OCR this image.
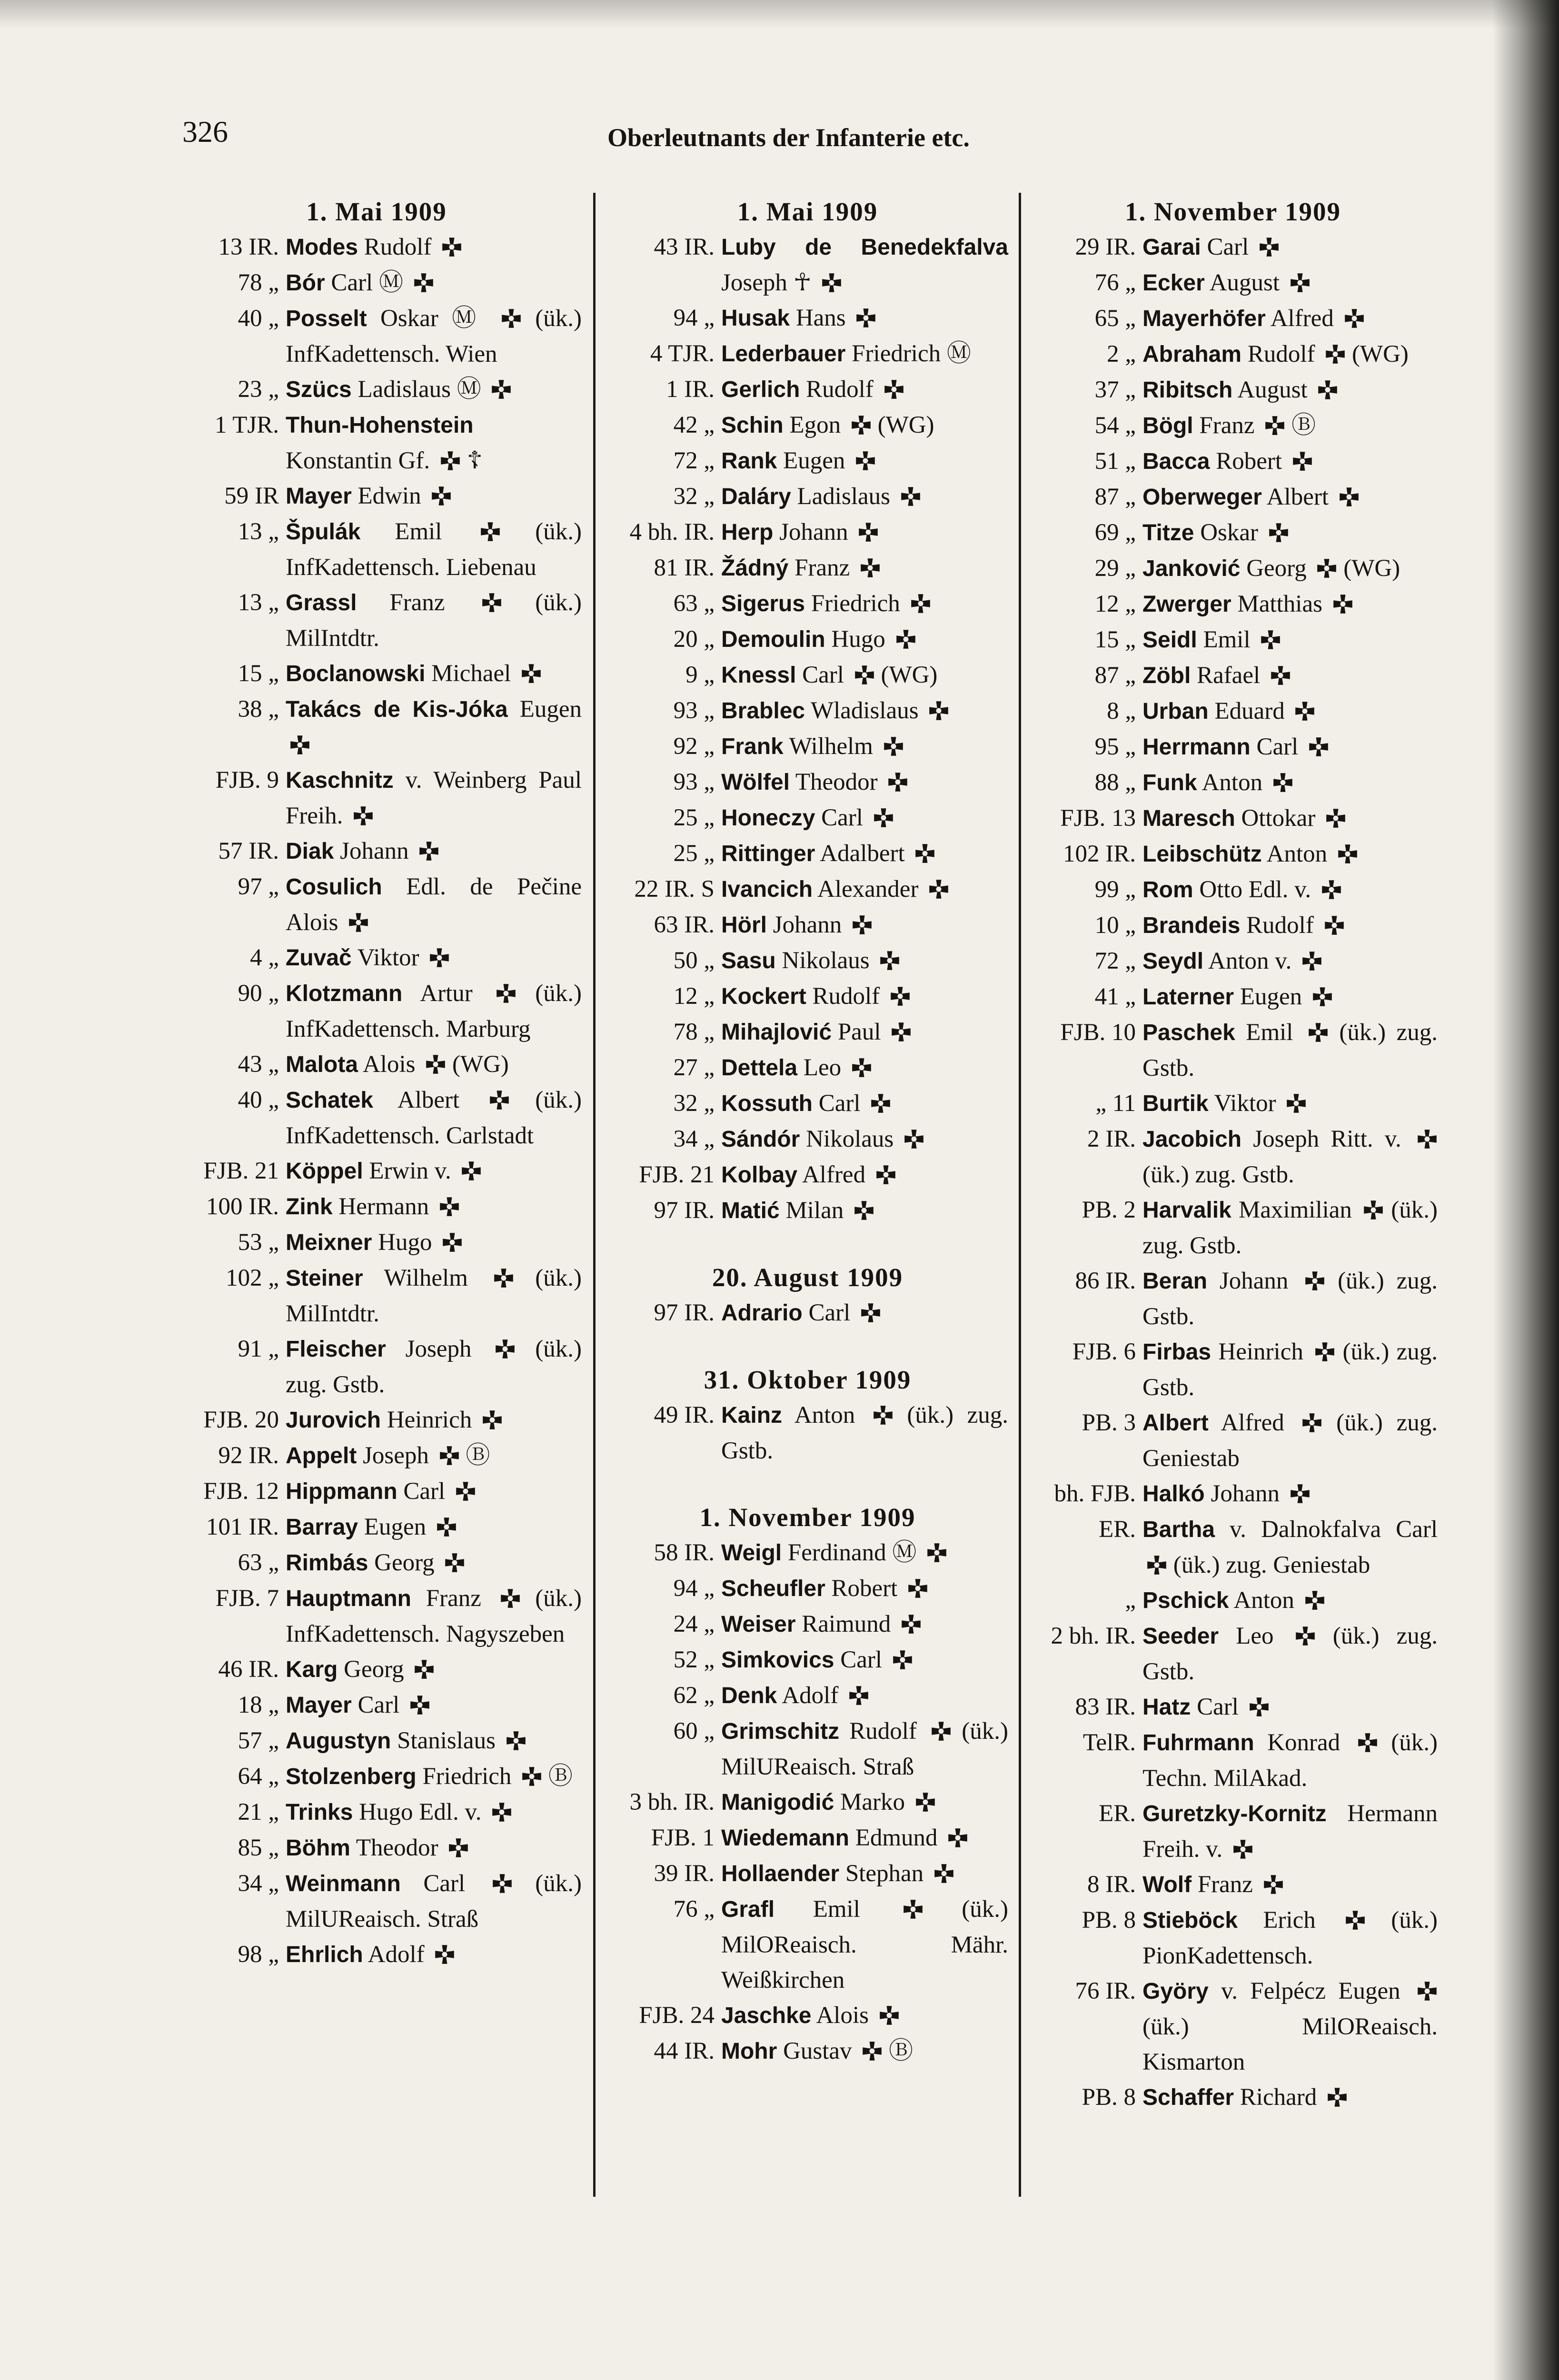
326	Oberleutnants der Infanterie etc.
1. Mai 1909
13 IR. Modes Rudolf
78 „ Bór Carl Ⓜ
40 „ Posselt Oskar Ⓜ
(ük.) InfKadettensch. Wien
23 „ Szücs Ladislaus Ⓜ
1 TJR. Thun-Hohenstein Konstantin Gf.
☦
59 IR Mayer Edwin
13 „ Špulák Emil
(ük.) InfKadettensch. Liebenau
13 „ Grassl Franz
(ük.) MilIntdtr.
15 „ Boclanowski Michael
38 „ Takács de Kis-Jóka Eugen
FJB. 9 Kaschnitz v. Weinberg Paul Freih.
57 IR. Diak Johann
97 „ Cosulich Edl. de Pečine Alois
4 „ Zuvač Viktor
90 „ Klotzmann Artur
(ük.) InfKadettensch. Marburg
43 „ Malota Alois
(WG)
40 „ Schatek Albert
(ük.) InfKadettensch. Carlstadt
FJB. 21 Köppel Erwin v.
100 IR. Zink Hermann
53 „ Meixner Hugo
102 „ Steiner Wilhelm
(ük.) MilIntdtr.
91 „ Fleischer Joseph
(ük.) zug. Gstb.
FJB. 20 Jurovich Heinrich
92 IR. Appelt Joseph
Ⓑ
FJB. 12 Hippmann Carl
101 IR. Barray Eugen
63 „ Rimbás Georg
FJB. 7 Hauptmann Franz
(ük.) InfKadettensch. Nagyszeben
46 IR. Karg Georg
18 „ Mayer Carl
57 „ Augustyn Stanislaus
64 „ Stolzenberg Friedrich
Ⓑ
21 „ Trinks Hugo Edl. v.
85 „ Böhm Theodor
34 „ Weinmann Carl
(ük.) MilUReaisch. Straß
98 „ Ehrlich Adolf
1. Mai 1909
43 IR. Luby de Benedekfalva Joseph ☥
94 „ Husak Hans
4 TJR. Lederbauer Friedrich Ⓜ
1 IR. Gerlich Rudolf
42 „ Schin Egon
(WG)
72 „ Rank Eugen
32 „ Daláry Ladislaus
4 bh. IR. Herp Johann
81 IR. Žádný Franz
63 „ Sigerus Friedrich
20 „ Demoulin Hugo
9 „ Knessl Carl
(WG)
93 „ Brablec Wladislaus
92 „ Frank Wilhelm
93 „ Wölfel Theodor
25 „ Honeczy Carl
25 „ Rittinger Adalbert
22 IR. S Ivancich Alexander
63 IR. Hörl Johann
50 „ Sasu Nikolaus
12 „ Kockert Rudolf
78 „ Mihajlović Paul
27 „ Dettela Leo
32 „ Kossuth Carl
34 „ Sándór Nikolaus
FJB. 21 Kolbay Alfred
97 IR. Matić Milan
20. August 1909
97 IR. Adrario Carl
31. Oktober 1909
49 IR. Kainz Anton
(ük.) zug. Gstb.
1. November 1909
58 IR. Weigl Ferdinand Ⓜ
94 „ Scheufler Robert
24 „ Weiser Raimund
52 „ Simkovics Carl
62 „ Denk Adolf
60 „ Grimschitz Rudolf
(ük.) MilUReaisch. Straß
3 bh. IR. Manigodić Marko
FJB. 1 Wiedemann Edmund
39 IR. Hollaender Stephan
76 „ Grafl Emil
(ük.) MilOReaisch. Mähr. Weißkirchen
FJB. 24 Jaschke Alois
44 IR. Mohr Gustav
Ⓑ
1. November 1909
29 IR. Garai Carl
76 „ Ecker August
65 „ Mayerhöfer Alfred
2 „ Abraham Rudolf
(WG)
37 „ Ribitsch August
54 „ Bögl Franz
Ⓑ
51 „ Bacca Robert
87 „ Oberweger Albert
69 „ Titze Oskar
29 „ Janković Georg
(WG)
12 „ Zwerger Matthias
15 „ Seidl Emil
87 „ Zöbl Rafael
8 „ Urban Eduard
95 „ Herrmann Carl
88 „ Funk Anton
FJB. 13 Maresch Ottokar
102 IR. Leibschütz Anton
99 „ Rom Otto Edl. v.
10 „ Brandeis Rudolf
72 „ Seydl Anton v.
41 „ Laterner Eugen
FJB. 10 Paschek Emil
(ük.) zug. Gstb.
„ 11 Burtik Viktor
2 IR. Jacobich Joseph Ritt. v.
(ük.) zug. Gstb.
PB. 2 Harvalik Maximilian
(ük.) zug. Gstb.
86 IR. Beran Johann
(ük.) zug. Gstb.
FJB. 6 Firbas Heinrich
(ük.) zug. Gstb.
PB. 3 Albert Alfred
(ük.) zug. Geniestab
bh. FJB. Halkó Johann
ER. Bartha v. Dalnokfalva Carl
(ük.) zug. Geniestab
„ Pschick Anton
2 bh. IR. Seeder Leo
(ük.) zug. Gstb.
83 IR. Hatz Carl
TelR. Fuhrmann Konrad
(ük.) Techn. MilAkad.
ER. Guretzky-Kornitz Hermann Freih. v.
8 IR. Wolf Franz
PB. 8 Stieböck Erich
(ük.) PionKadettensch.
76 IR. Györy v. Felpécz Eugen
(ük.) MilOReaisch. Kismarton
PB. 8 Schaffer Richard
